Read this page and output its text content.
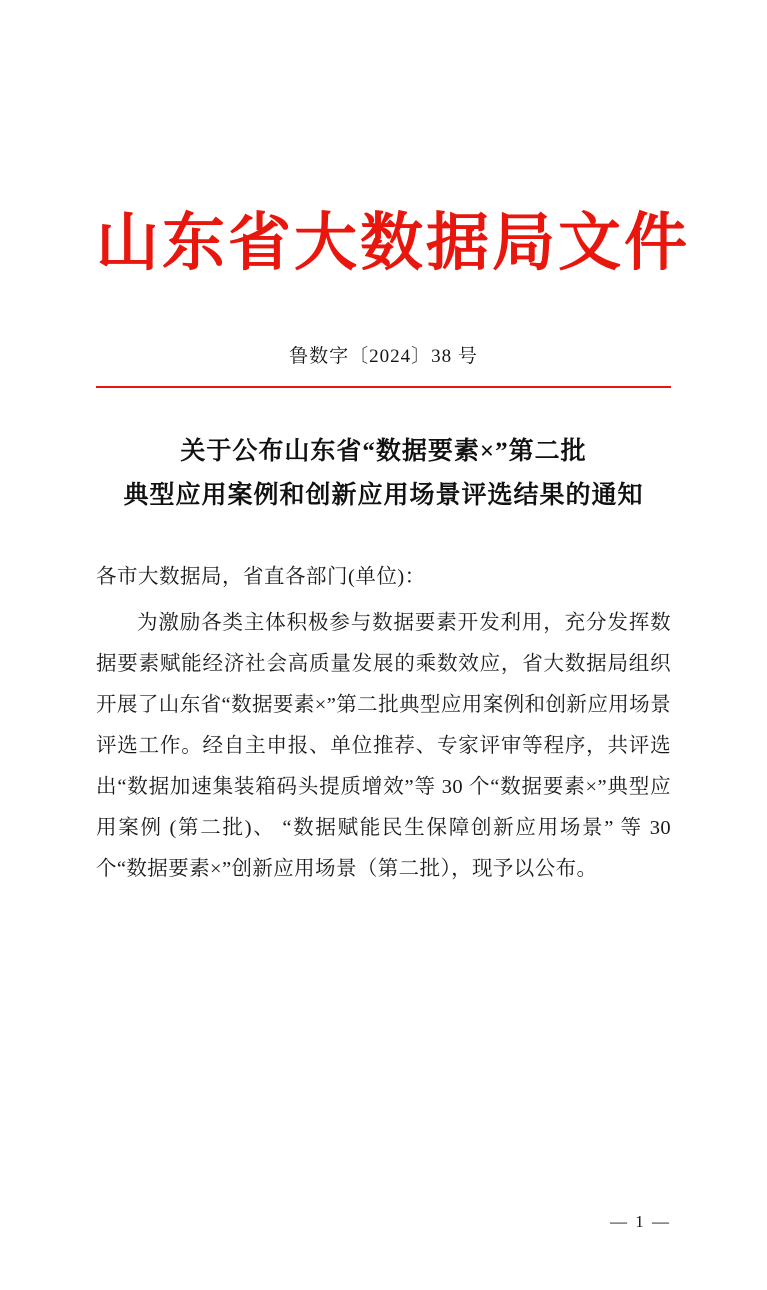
山东省大数据局文件
鲁数字〔2024〕38 号
关于公布山东省“数据要素×”第二批
典型应用案例和创新应用场景评选结果的通知
各市大数据局，省直各部门(单位)：
为激励各类主体积极参与数据要素开发利用，充分发挥数据要素赋能经济社会高质量发展的乘数效应，省大数据局组织开展了山东省“数据要素×”第二批典型应用案例和创新应用场景评选工作。经自主申报、单位推荐、专家评审等程序，共评选出“数据加速集装箱码头提质增效”等 30 个“数据要素×”典型应用案例 (第二批)、 “数据赋能民生保障创新应用场景” 等 30 个“数据要素×”创新应用场景（第二批），现予以公布。
— 1 —
